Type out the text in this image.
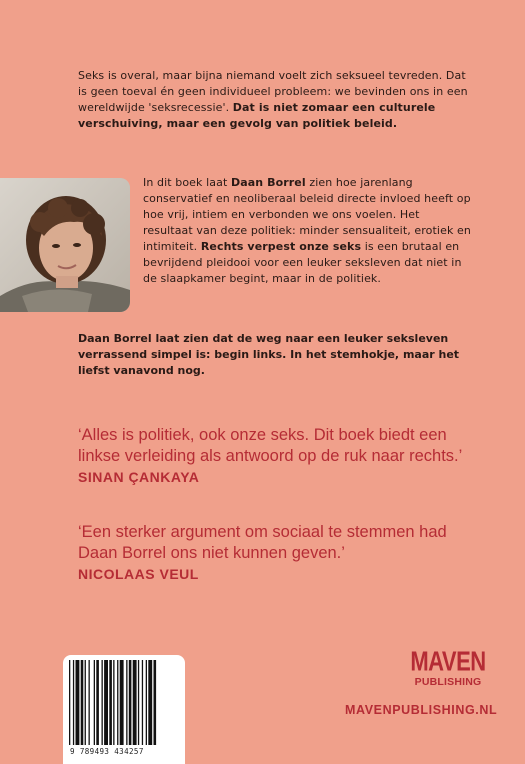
Seks is overal, maar bijna niemand voelt zich seksueel tevreden. Dat is geen toeval én geen individueel probleem: we bevinden ons in een wereldwijde 'seksrecessie'. Dat is niet zomaar een culturele verschuiving, maar een gevolg van politiek beleid.

In dit boek laat Daan Borrel zien hoe jarenlang conservatief en neoliberaal beleid directe invloed heeft op hoe vrij, intiem en verbonden we ons voelen. Het resultaat van deze politiek: minder sensualiteit, erotiek en intimiteit. Rechts verpest onze seks is een brutaal en bevrijdend pleidooi voor een leuker seksleven dat niet in de slaapkamer begint, maar in de politiek.

Daan Borrel laat zien dat de weg naar een leuker seksleven verrassend simpel is: begin links. In het stemhokje, maar het liefst vanavond nog.

‘Alles is politiek, ook onze seks. Dit boek biedt een linkse verleiding als antwoord op de ruk naar rechts.’ SINAN ÇANKAYA

‘Een sterker argument om sociaal te stemmen had Daan Borrel ons niet kunnen geven.’
NICOLAAS VEUL

9 789493 434257
MAVEN
PUBLISHING
MAVENPUBLISHING.NL
